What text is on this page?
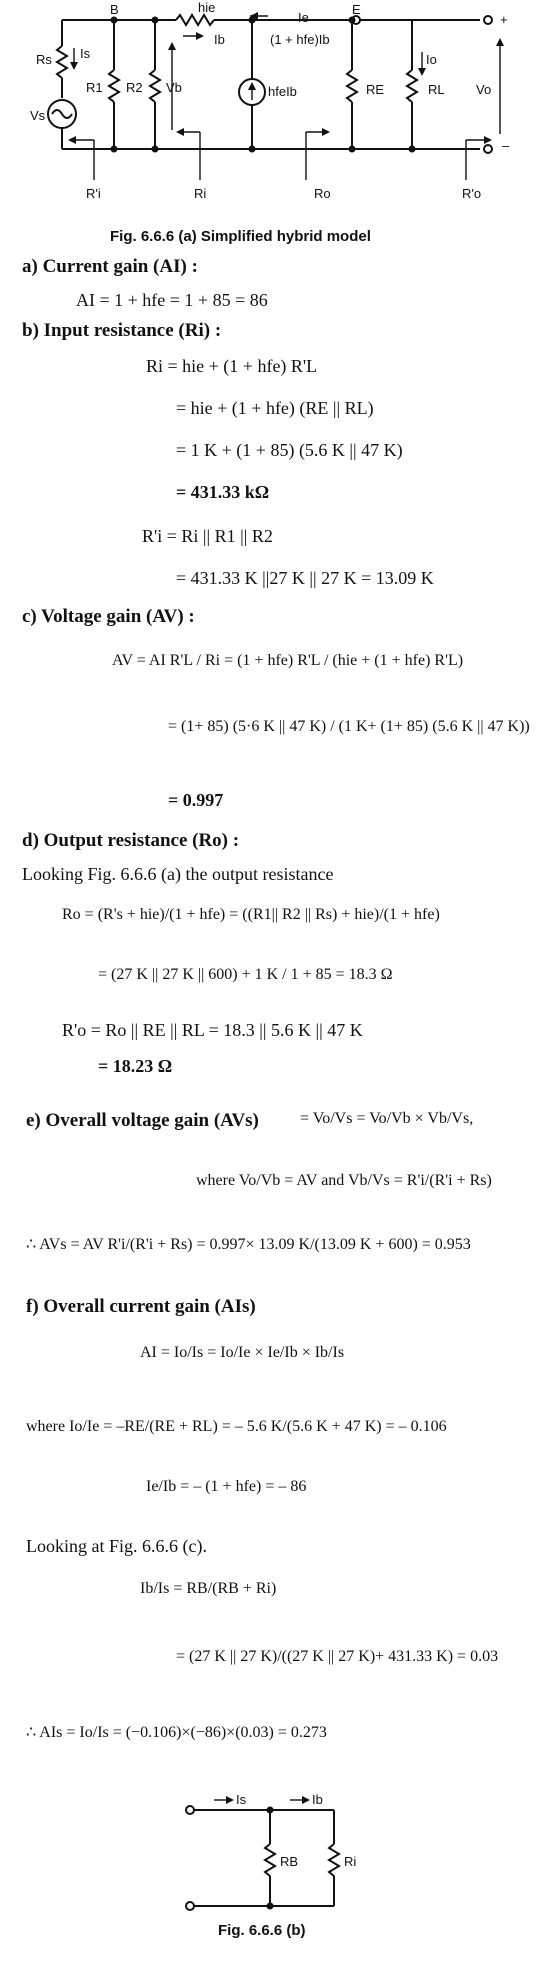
B	E
hie
Ib
Ie
(1 + hfe)Ib
Rs Is
Vs
R1 R2 Vb	hfeIb	RE	RL
Io
Vo
+
–
R'i	Ri	Ro	R'o
Fig. 6.6.6 (a) Simplified hybrid model
a) Current gain (AI) :
AI = 1 + hfe = 1 + 85 = 86
b) Input resistance (Ri) :
Ri = hie + (1 + hfe) R'L
= hie + (1 + hfe) (RE || RL)
= 1 K + (1 + 85) (5.6 K || 47 K)
= 431.33 kΩ
R'i = Ri || R1 || R2
= 431.33 K ||27 K || 27 K = 13.09 K
c) Voltage gain (AV) :
AV = AI R'L / Ri = (1 + hfe) R'L / (hie + (1 + hfe) R'L)
= (1+ 85) (5·6 K || 47 K) / (1 K+ (1+ 85) (5.6 K || 47 K))
= 0.997
d) Output resistance (Ro) :
Looking Fig. 6.6.6 (a) the output resistance
Ro = (R's + hie)/(1 + hfe) = ((R1|| R2 || Rs) + hie)/(1 + hfe)
= (27 K || 27 K || 600) + 1 K / 1 + 85 = 18.3 Ω
R'o = Ro || RE || RL = 18.3 || 5.6 K || 47 K
= 18.23 Ω
e) Overall voltage gain (AVs)	= Vo/Vs = Vo/Vb × Vb/Vs,
where Vo/Vb = AV and Vb/Vs = R'i/(R'i + Rs)
∴ AVs = AV R'i/(R'i + Rs) = 0.997× 13.09 K/(13.09 K + 600) = 0.953
f) Overall current gain (AIs)
AI = Io/Is = Io/Ie × Ie/Ib × Ib/Is
where Io/Ie = –RE/(RE + RL) = – 5.6 K/(5.6 K + 47 K) = – 0.106
Ie/Ib = – (1 + hfe) = – 86
Looking at Fig. 6.6.6 (c).
Ib/Is = RB/(RB + Ri)
= (27 K || 27 K)/((27 K || 27 K)+ 431.33 K) = 0.03
∴ AIs = Io/Is = (−0.106)×(−86)×(0.03) = 0.273
Is	Ib
RB	Ri
Fig. 6.6.6 (b)
